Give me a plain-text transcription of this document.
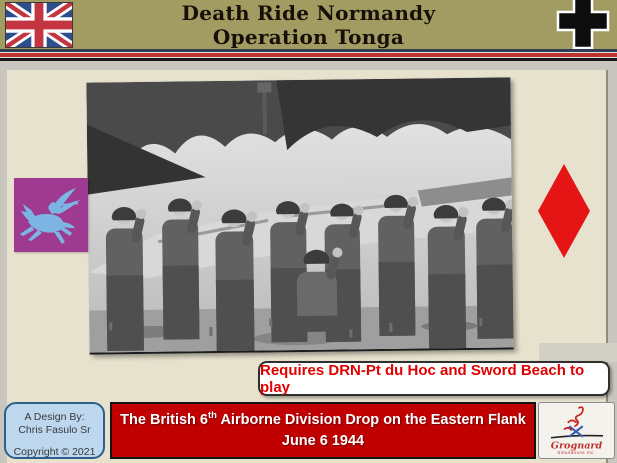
Death Ride Normandy
Operation Tonga
Requires DRN-Pt du Hoc and Sword Beach to play
A Design By:
Chris Fasulo Sr
Copyright © 2021
The British 6th Airborne Division Drop on the Eastern Flank
June 6 1944	Grognard
Simulations Inc.
